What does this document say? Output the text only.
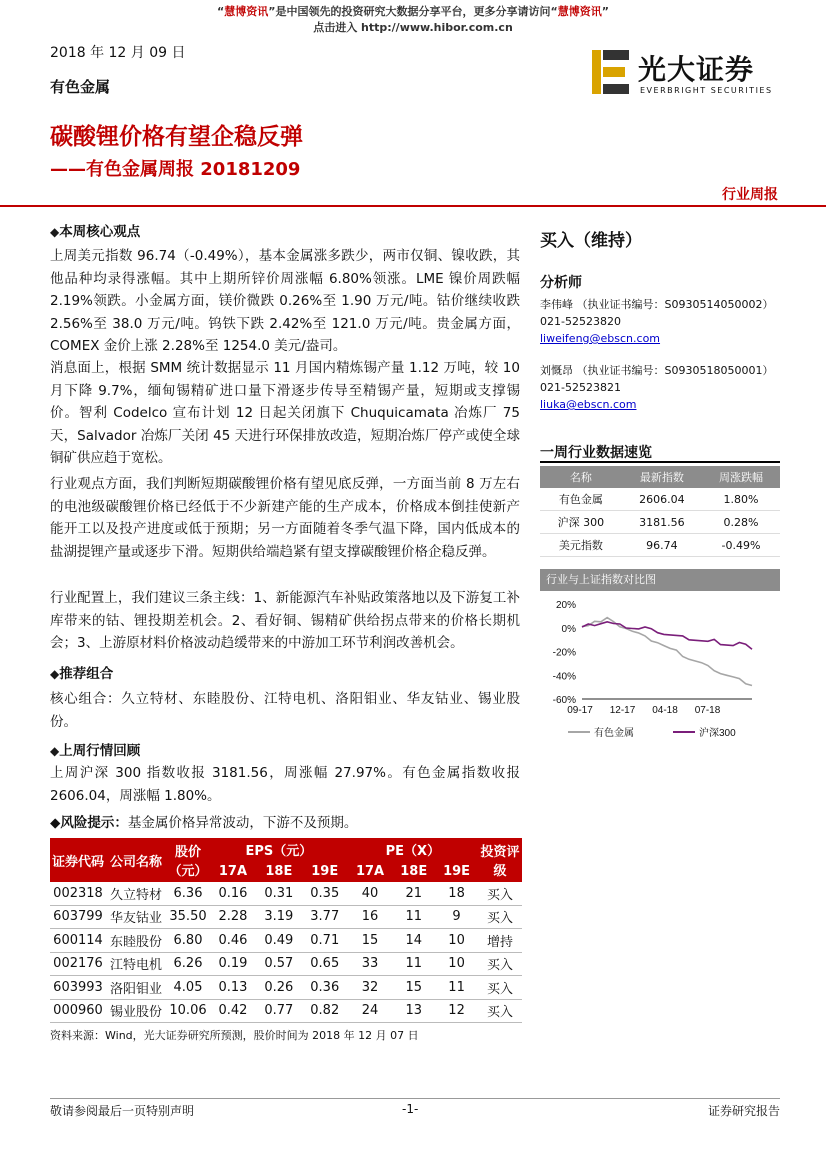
“慧博资讯”是中国领先的投资研究大数据分享平台，更多分享请访问“慧博资讯”
点击进入 http://www.hibor.com.cn
2018 年 12 月 09 日
有色金属
碳酸锂价格有望企稳反弹
——有色金属周报 20181209
行业周报
光大证券
EVERBRIGHT SECURITIES
◆本周核心观点
上周美元指数 96.74（-0.49%），基本金属涨多跌少，两市仅铜、镍收跌，其他品种均录得涨幅。其中上期所锌价周涨幅 6.80%领涨。LME 镍价周跌幅 2.19%领跌。小金属方面，镁价微跌 0.26%至 1.90 万元/吨。钴价继续收跌 2.56%至 38.0 万元/吨。钨铁下跌 2.42%至 121.0 万元/吨。贵金属方面，COMEX 金价上涨 2.28%至 1254.0 美元/盎司。
消息面上，根据 SMM 统计数据显示 11 月国内精炼锡产量 1.12 万吨，较 10 月下降 9.7%，缅甸锡精矿进口量下滑逐步传导至精锡产量，短期或支撑锡价。智利 Codelco 宣布计划 12 日起关闭旗下 Chuquicamata 冶炼厂 75 天，Salvador 冶炼厂关闭 45 天进行环保排放改造，短期冶炼厂停产或使全球铜矿供应趋于宽松。
行业观点方面，我们判断短期碳酸锂价格有望见底反弹，一方面当前 8 万左右的电池级碳酸锂价格已经低于不少新建产能的生产成本，价格成本倒挂使新产能开工以及投产进度或低于预期；另一方面随着冬季气温下降，国内低成本的盐湖提锂产量或逐步下滑。短期供给端趋紧有望支撑碳酸锂价格企稳反弹。
行业配置上，我们建议三条主线：1、新能源汽车补贴政策落地以及下游复工补库带来的钴、锂投期差机会。2、看好铜、锡精矿供给拐点带来的价格长期机会；3、上游原材料价格波动趋缓带来的中游加工环节利润改善机会。
◆推荐组合
核心组合：久立特材、东睦股份、江特电机、洛阳钼业、华友钴业、锡业股份。
◆上周行情回顾
上周沪深 300 指数收报 3181.56，周涨幅 27.97%。有色金属指数收报 2606.04，周涨幅 1.80%。
◆风险提示：基金属价格异常波动，下游不及预期。
证券代码	公司名称	股价（元）	EPS（元）			PE（X）			投资评级
			17A	18E	19E	17A	18E	19E	
002318	久立特材	6.36	0.16	0.31	0.35	40	21	18	买入
603799	华友钴业	35.50	2.28	3.19	3.77	16	11	9	买入
600114	东睦股份	6.80	0.46	0.49	0.71	15	14	10	增持
002176	江特电机	6.26	0.19	0.57	0.65	33	11	10	买入
603993	洛阳钼业	4.05	0.13	0.26	0.36	32	15	11	买入
000960	锡业股份	10.06	0.42	0.77	0.82	24	13	12	买入
资料来源：Wind，光大证券研究所预测，股价时间为 2018 年 12 月 07 日
买入（维持）
分析师
李伟峰 （执业证书编号：S0930514050002）
021-52523820
liweifeng@ebscn.com
刘慨昂 （执业证书编号：S0930518050001）
021-52523821
liuka@ebscn.com
一周行业数据速览
名称	最新指数	周涨跌幅
有色金属	2606.04	1.80%
沪深 300	3181.56	0.28%
美元指数	96.74	-0.49%
行业与上证指数对比图
20%
0%
-20%
-40%
-60%
09-17 12-17 04-18 07-18
有色金属	沪深300
敬请参阅最后一页特别声明	-1-	证券研究报告
